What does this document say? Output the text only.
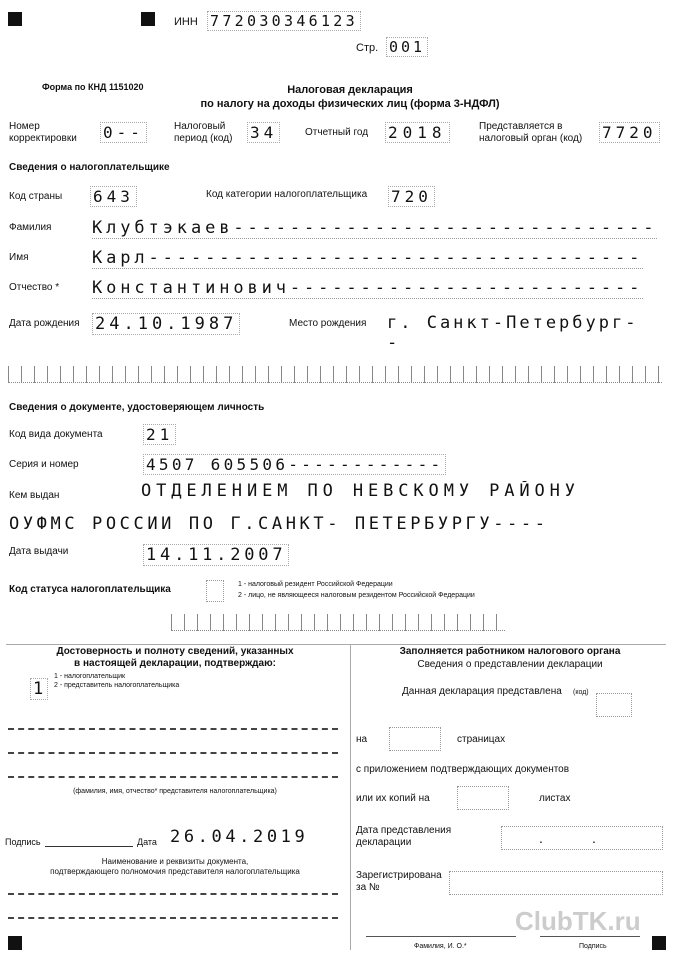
ИНН 772030346123
Стр. 001
Форма по КНД 1151020	Налоговая декларация
по налогу на доходы физических лиц (форма 3-НДФЛ)
Номер корректировки	0--	Налоговый период (код)	34	Отчетный год 2018	Представляется в налоговый орган (код)	7720
Сведения о налогоплательщике
Код страны 643	Код категории налогоплательщика 720
Фамилия Клубтэкаев------------------------------
Имя	Карл-----------------------------------
Отчество * Константинович-------------------------
Дата рождения 24.10.1987	Место рождения г. Санкт-Петербург-
-
Сведения о документе, удостоверяющем личность
Код вида документа	21
Серия и номер	4507 605506------------
Кем выдан	ОТДЕЛЕНИЕМ ПО НЕВСКОМУ РАЙОНУ
ОУФМС РОССИИ ПО Г.САНКТ- ПЕТЕРБУРГУ----
Дата выдачи	14.11.2007
Код статуса налогоплательщика	1 - налоговый резидент Российской Федерации
2 - лицо, не являющееся налоговым резидентом Российской Федерации
Достоверность и полноту сведений, указанных
в настоящей декларации, подтверждаю:
1
1 - налогоплательщик
2 - представитель налогоплательщика
(фамилия, имя, отчество* представителя налогоплательщика)
Подпись	Дата 26.04.2019
Наименование и реквизиты документа,
подтверждающего полномочия представителя налогоплательщика
Заполняется работником налогового органа
Сведения о представлении декларации
Данная декларация представлена (код)
на	страницах
с приложением подтверждающих документов
или их копий на	листах
Дата представления
декларации	.	.
Зарегистрирована
за №
Фамилия, И. О.*	Подпись
ClubTK.ru
